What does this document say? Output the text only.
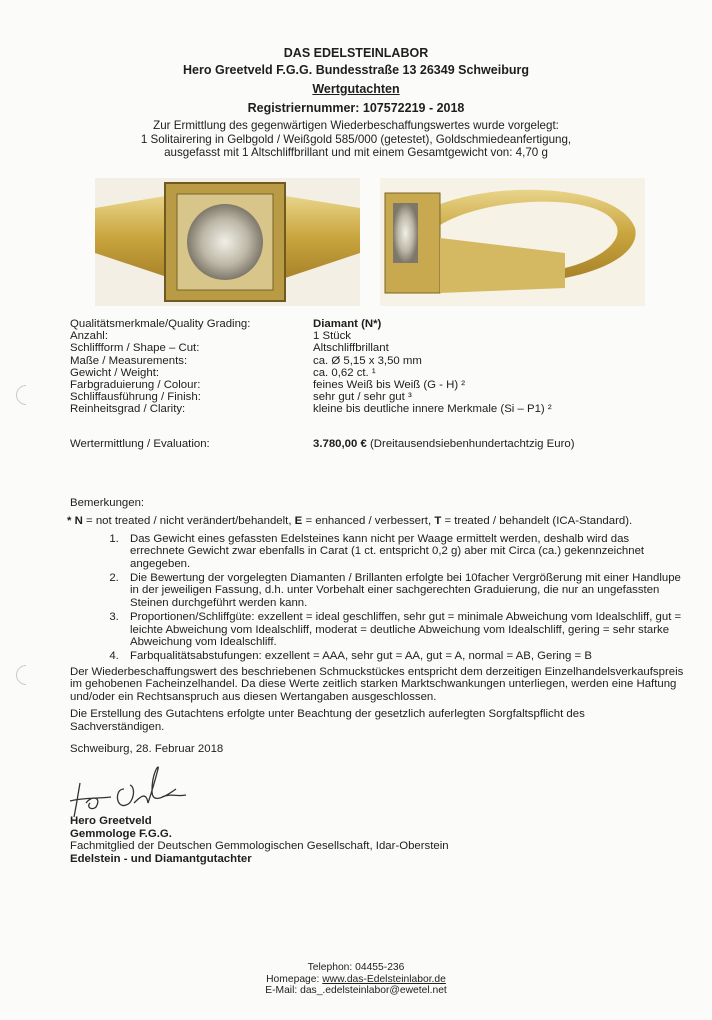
DAS EDELSTEINLABOR
Hero Greetveld F.G.G. Bundesstraße 13 26349 Schweiburg
Wertgutachten
Registriernummer: 107572219 - 2018
Zur Ermittlung des gegenwärtigen Wiederbeschaffungswertes wurde vorgelegt:
1 Solitairering in Gelbgold / Weißgold 585/000 (getestet), Goldschmiedeanfertigung,
ausgefasst mit 1 Altschliffbrillant und mit einem Gesamtgewicht von: 4,70 g
Qualitätsmerkmale/Quality Grading:	Diamant (N*)
Anzahl:	1 Stück
Schliffform / Shape – Cut:	Altschliffbrillant
Maße / Measurements:	ca. Ø 5,15 x 3,50 mm
Gewicht / Weight:	ca. 0,62 ct. ¹
Farbgraduierung / Colour:	feines Weiß bis Weiß (G - H) ²
Schliffausführung / Finish:	sehr gut / sehr gut ³
Reinheitsgrad / Clarity:	kleine bis deutliche innere Merkmale (Si – P1) ²
Wertermittlung / Evaluation:	3.780,00 € (Dreitausendsiebenhundertachtzig Euro)

Bemerkungen:

* N = not treated / nicht verändert/behandelt, E = enhanced / verbessert, T = treated / behandelt (ICA-Standard).

1. Das Gewicht eines gefassten Edelsteines kann nicht per Waage ermittelt werden, deshalb wird das errechnete Gewicht zwar ebenfalls in Carat (1 ct. entspricht 0,2 g) aber mit Circa (ca.) gekennzeichnet angegeben.
2. Die Bewertung der vorgelegten Diamanten / Brillanten erfolgte bei 10facher Vergrößerung mit einer Handlupe in der jeweiligen Fassung, d.h. unter Vorbehalt einer sachgerechten Graduierung, die nur an ungefassten Steinen durchgeführt werden kann.
3. Proportionen/Schliffgüte: exzellent = ideal geschliffen, sehr gut = minimale Abweichung vom Idealschliff, gut = leichte Abweichung vom Idealschliff, moderat = deutliche Abweichung vom Idealschliff, gering = sehr starke Abweichung vom Idealschliff.
4. Farbqualitätsabstufungen: exzellent = AAA, sehr gut = AA, gut = A, normal = AB, Gering = B

Der Wiederbeschaffungswert des beschriebenen Schmuckstückes entspricht dem derzeitigen Einzelhandelsverkaufspreis im gehobenen Facheinzelhandel. Da diese Werte zeitlich starken Marktschwankungen unterliegen, werden eine Haftung und/oder ein Rechtsanspruch aus diesen Wertangaben ausgeschlossen.

Die Erstellung des Gutachtens erfolgte unter Beachtung der gesetzlich auferlegten Sorgfaltspflicht des Sachverständigen.

Schweiburg, 28. Februar 2018
Hero Greetveld
Gemmologe F.G.G.
Fachmitglied der Deutschen Gemmologischen Gesellschaft, Idar-Oberstein
Edelstein - und Diamantgutachter
Telephon: 04455-236
Homepage: www.das-Edelsteinlabor.de
E-Mail: das_.edelsteinlabor@ewetel.net
